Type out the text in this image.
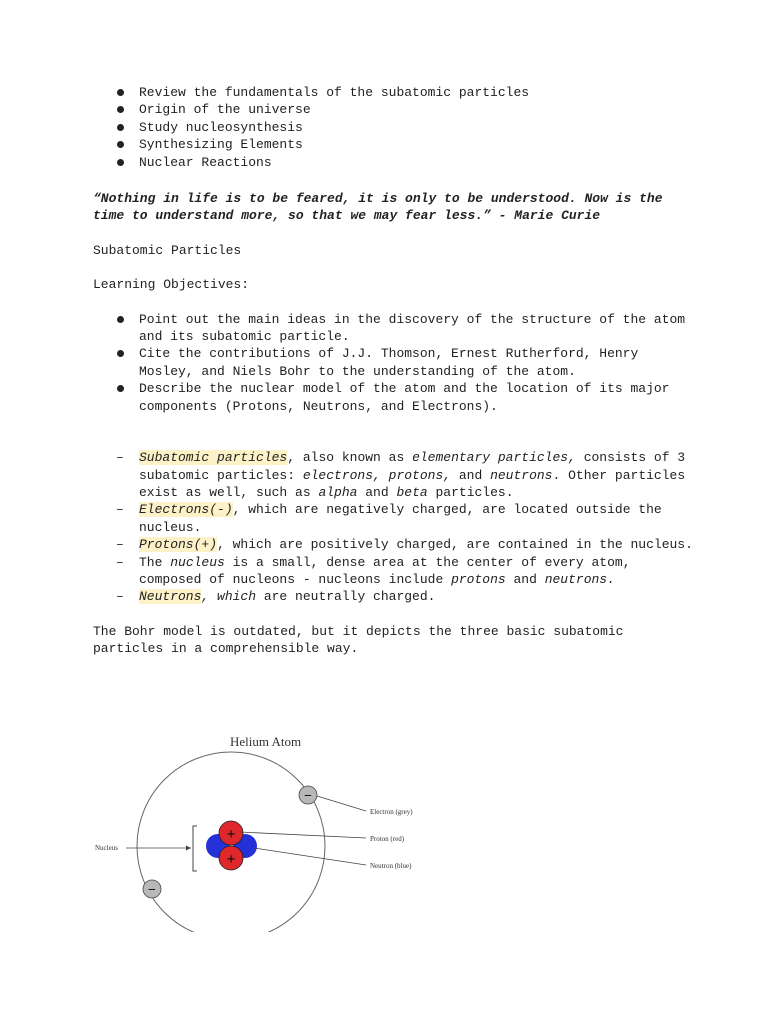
Review the fundamentals of the subatomic particles
Origin of the universe
Study nucleosynthesis
Synthesizing Elements
Nuclear Reactions
“Nothing in life is to be feared, it is only to be understood. Now is the time to understand more, so that we may fear less.” - Marie Curie
Subatomic Particles
Learning Objectives:
Point out the main ideas in the discovery of the structure of the atom and its subatomic particle.
Cite the contributions of J.J. Thomson, Ernest Rutherford, Henry Mosley, and Niels Bohr to the understanding of the atom.
Describe the nuclear model of the atom and the location of its major components (Protons, Neutrons, and Electrons).
– Subatomic particles, also known as elementary particles, consists of 3 subatomic particles: electrons, protons, and neutrons. Other particles exist as well, such as alpha and beta particles.
– Electrons(-), which are negatively charged, are located outside the nucleus.
– Protons(+), which are positively charged, are contained in the nucleus.
– The nucleus is a small, dense area at the center of every atom, composed of nucleons - nucleons include protons and neutrons.
– Neutrons, which are neutrally charged.
The Bohr model is outdated, but it depicts the three basic subatomic particles in a comprehensible way.
Helium Atom
Nucleus
+
+
−
−
Electron (grey)
Proton (red)
Neutron (blue)
